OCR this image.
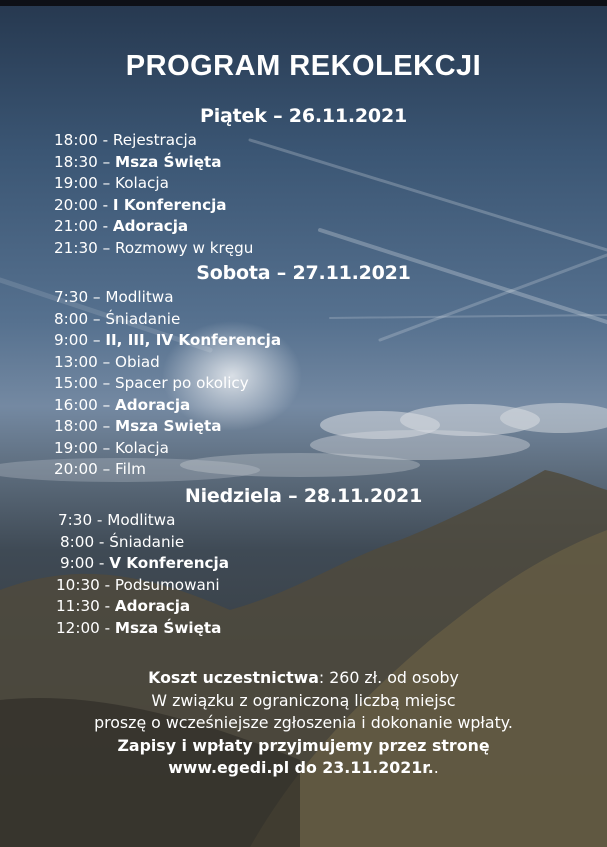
PROGRAM REKOLEKCJI
Piątek – 26.11.2021
18:00 - Rejestracja
18:30 – Msza Święta
19:00 – Kolacja
20:00 - I Konferencja
21:00 - Adoracja
21:30 – Rozmowy w kręgu
Sobota – 27.11.2021
7:30 – Modlitwa
8:00 – Śniadanie
9:00 – II, III, IV Konferencja
13:00 – Obiad
15:00 – Spacer po okolicy
16:00 – Adoracja
18:00 – Msza Swięta
19:00 – Kolacja
20:00 – Film
Niedziela – 28.11.2021
7:30 - Modlitwa
8:00 - Śniadanie
9:00 - V Konferencja
10:30 - Podsumowani
11:30 - Adoracja
12:00 - Msza Święta
Koszt uczestnictwa: 260 zł. od osoby
W związku z ograniczoną liczbą miejsc
proszę o wcześniejsze zgłoszenia i dokonanie wpłaty.
Zapisy i wpłaty przyjmujemy przez stronę
www.egedi.pl do 23.11.2021r..
